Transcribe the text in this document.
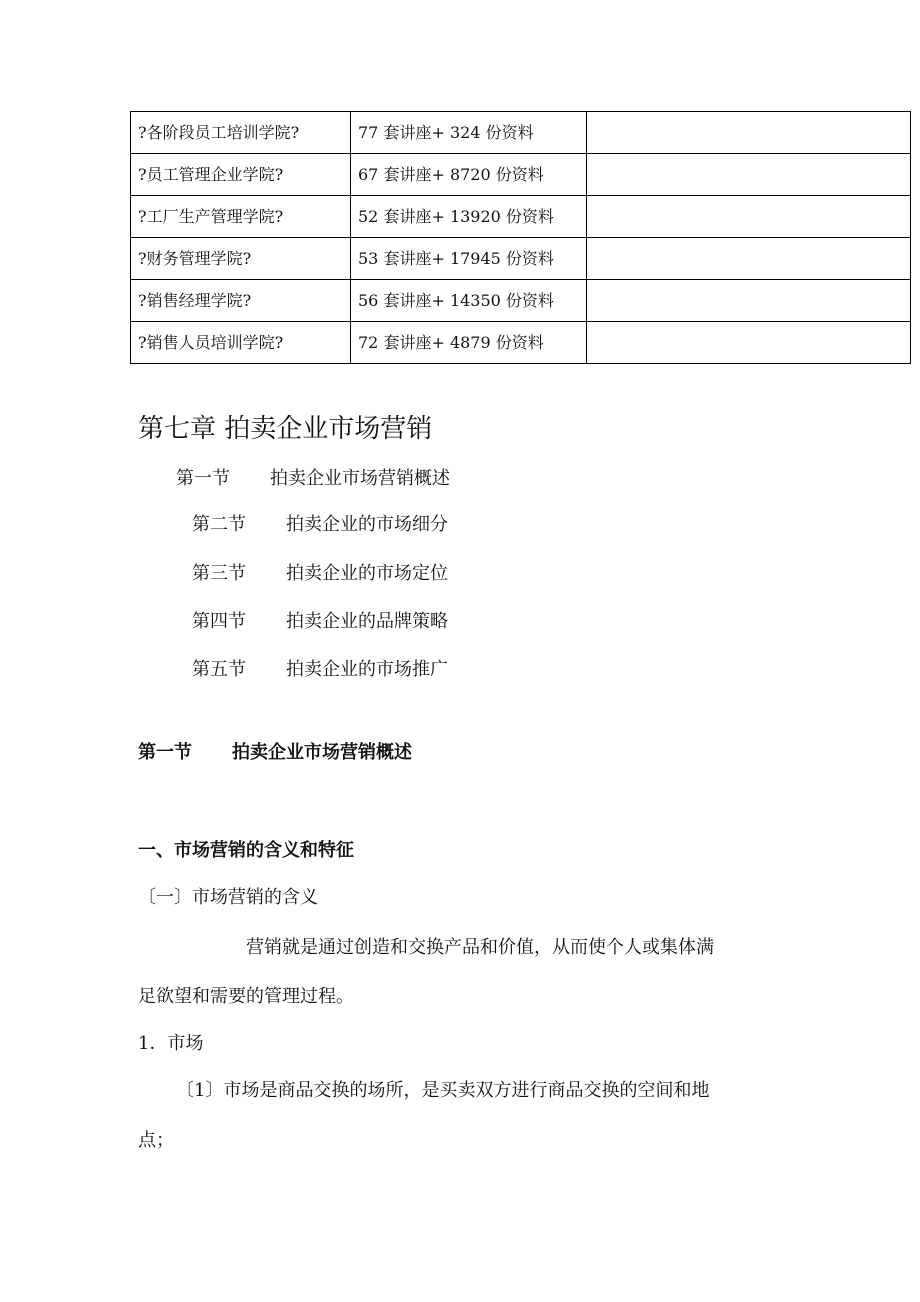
?各阶段员工培训学院?	77 套讲座+ 324 份资料	
?员工管理企业学院?	67 套讲座+ 8720 份资料	
?工厂生产管理学院?	52 套讲座+ 13920 份资料	
?财务管理学院?	53 套讲座+ 17945 份资料	
?销售经理学院?	56 套讲座+ 14350 份资料	
?销售人员培训学院?	72 套讲座+ 4879 份资料	
第七章 拍卖企业市场营销
第一节 拍卖企业市场营销概述
第二节 拍卖企业的市场细分
第三节 拍卖企业的市场定位
第四节 拍卖企业的品牌策略
第五节 拍卖企业的市场推广
第一节 拍卖企业市场营销概述
一、市场营销的含义和特征

〔一〕市场营销的含义

营销就是通过创造和交换产品和价值，从而使个人或集体满

足欲望和需要的管理过程。

1．市场

〔1〕市场是商品交换的场所，是买卖双方进行商品交换的空间和地

点；
